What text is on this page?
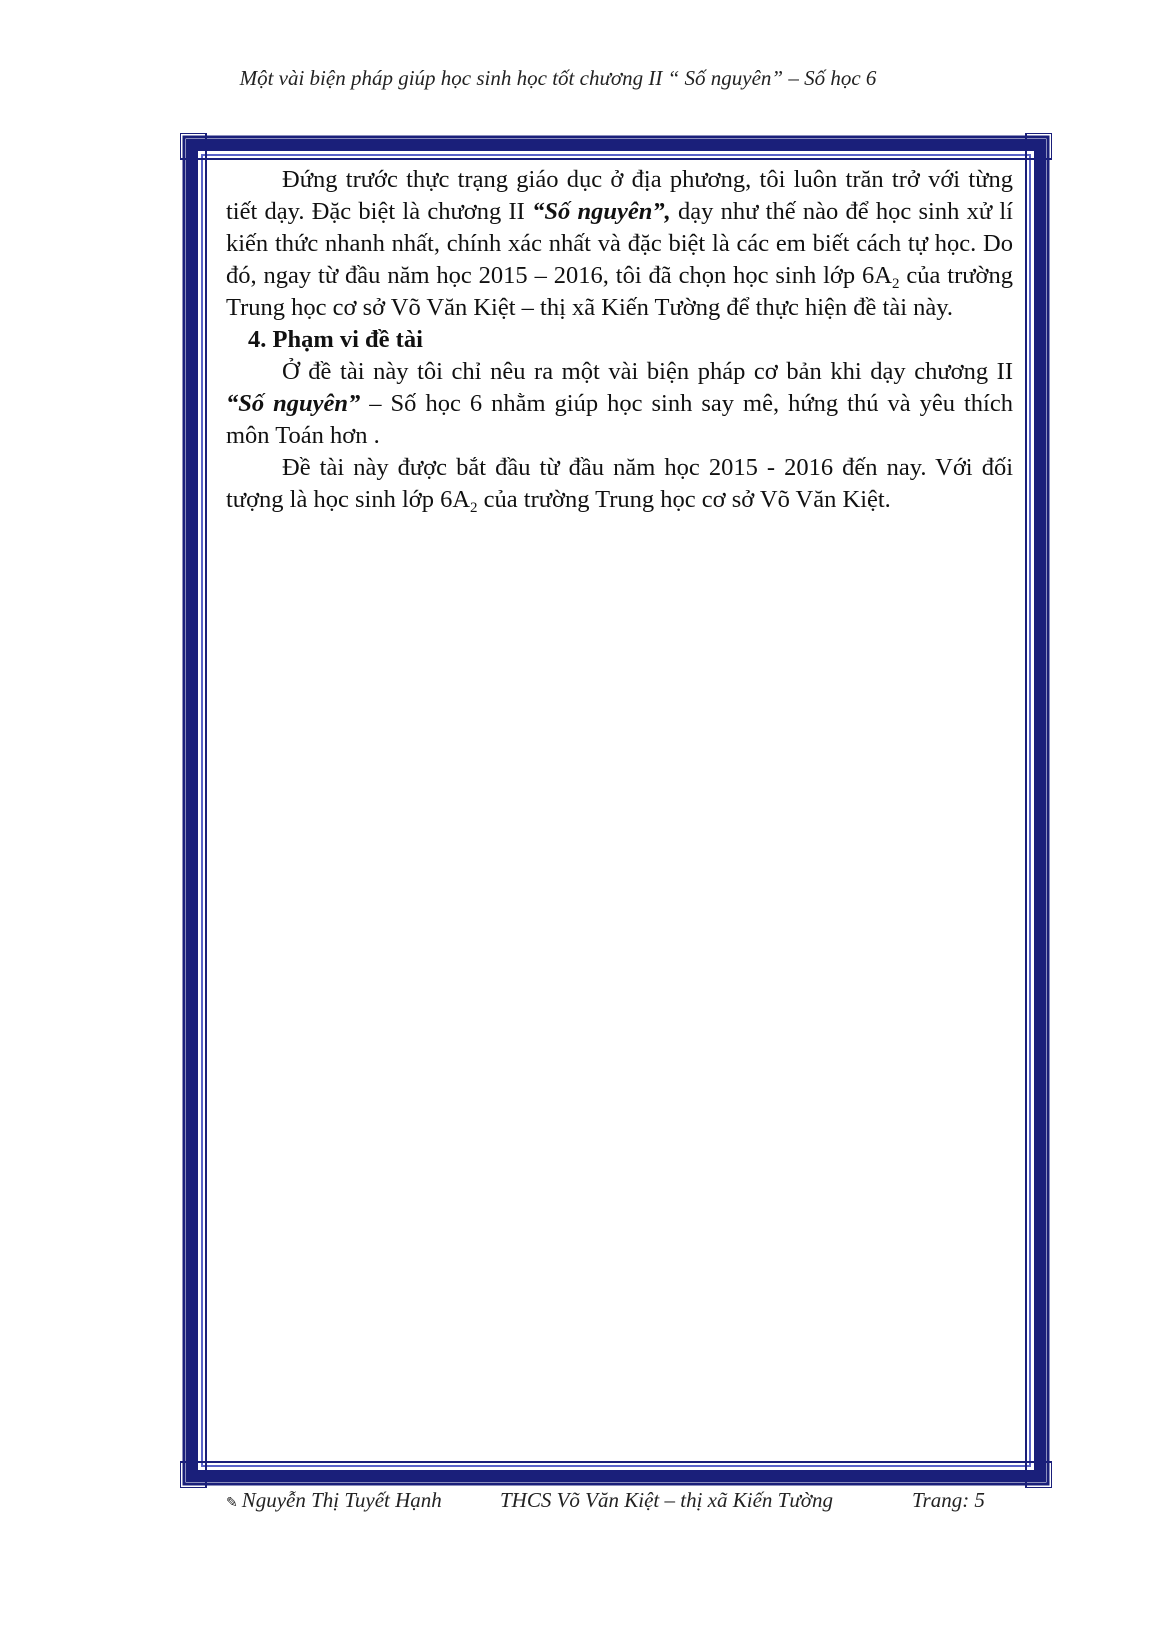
Một vài biện pháp giúp học sinh học tốt chương II “ Số nguyên” – Số học 6

Đứng trước thực trạng giáo dục ở địa phương, tôi luôn trăn trở với từng tiết dạy. Đặc biệt là chương II “Số nguyên”, dạy như thế nào để học sinh xử lí kiến thức nhanh nhất, chính xác nhất và đặc biệt là các em biết cách tự học. Do đó, ngay từ đầu năm học 2015 – 2016, tôi đã chọn học sinh lớp $6A_2$ của trường Trung học cơ sở Võ Văn Kiệt – thị xã Kiến Tường để thực hiện đề tài này.

4. Phạm vi đề tài

Ở đề tài này tôi chỉ nêu ra một vài biện pháp cơ bản khi dạy chương II “Số nguyên” – Số học 6 nhằm giúp học sinh say mê, hứng thú và yêu thích môn Toán hơn .

Đề tài này được bắt đầu từ đầu năm học 2015 - 2016 đến nay. Với đối tượng là học sinh lớp $6A_2$ của trường Trung học cơ sở Võ Văn Kiệt.

✎ Nguyễn Thị Tuyết Hạnh	THCS Võ Văn Kiệt – thị xã Kiến Tường	Trang: 5
